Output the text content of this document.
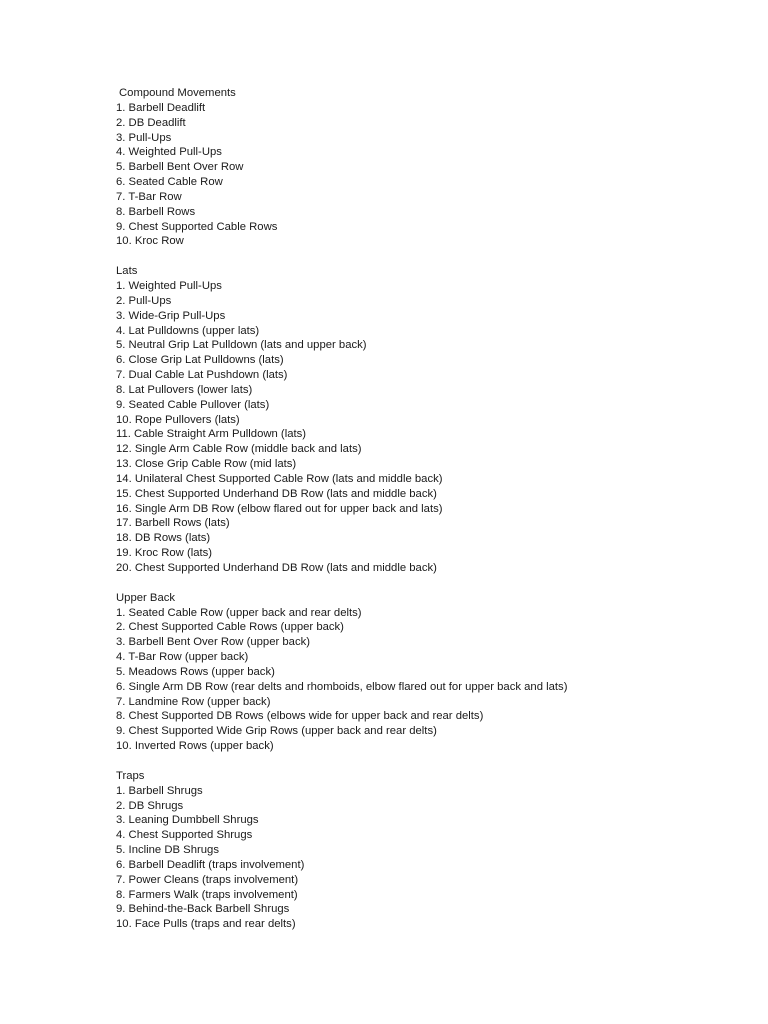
Compound Movements
1. Barbell Deadlift
2. DB Deadlift
3. Pull-Ups
4. Weighted Pull-Ups
5. Barbell Bent Over Row
6. Seated Cable Row
7. T-Bar Row
8. Barbell Rows
9. Chest Supported Cable Rows
10. Kroc Row
Lats
1. Weighted Pull-Ups
2. Pull-Ups
3. Wide-Grip Pull-Ups
4. Lat Pulldowns (upper lats)
5. Neutral Grip Lat Pulldown (lats and upper back)
6. Close Grip Lat Pulldowns (lats)
7. Dual Cable Lat Pushdown (lats)
8. Lat Pullovers (lower lats)
9. Seated Cable Pullover (lats)
10. Rope Pullovers (lats)
11. Cable Straight Arm Pulldown (lats)
12. Single Arm Cable Row (middle back and lats)
13. Close Grip Cable Row (mid lats)
14. Unilateral Chest Supported Cable Row (lats and middle back)
15. Chest Supported Underhand DB Row (lats and middle back)
16. Single Arm DB Row (elbow flared out for upper back and lats)
17. Barbell Rows (lats)
18. DB Rows (lats)
19. Kroc Row (lats)
20. Chest Supported Underhand DB Row (lats and middle back)
Upper Back
1. Seated Cable Row (upper back and rear delts)
2. Chest Supported Cable Rows (upper back)
3. Barbell Bent Over Row (upper back)
4. T-Bar Row (upper back)
5. Meadows Rows (upper back)
6. Single Arm DB Row (rear delts and rhomboids, elbow flared out for upper back and lats)
7. Landmine Row (upper back)
8. Chest Supported DB Rows (elbows wide for upper back and rear delts)
9. Chest Supported Wide Grip Rows (upper back and rear delts)
10. Inverted Rows (upper back)
Traps
1. Barbell Shrugs
2. DB Shrugs
3. Leaning Dumbbell Shrugs
4. Chest Supported Shrugs
5. Incline DB Shrugs
6. Barbell Deadlift (traps involvement)
7. Power Cleans (traps involvement)
8. Farmers Walk (traps involvement)
9. Behind-the-Back Barbell Shrugs
10. Face Pulls (traps and rear delts)
